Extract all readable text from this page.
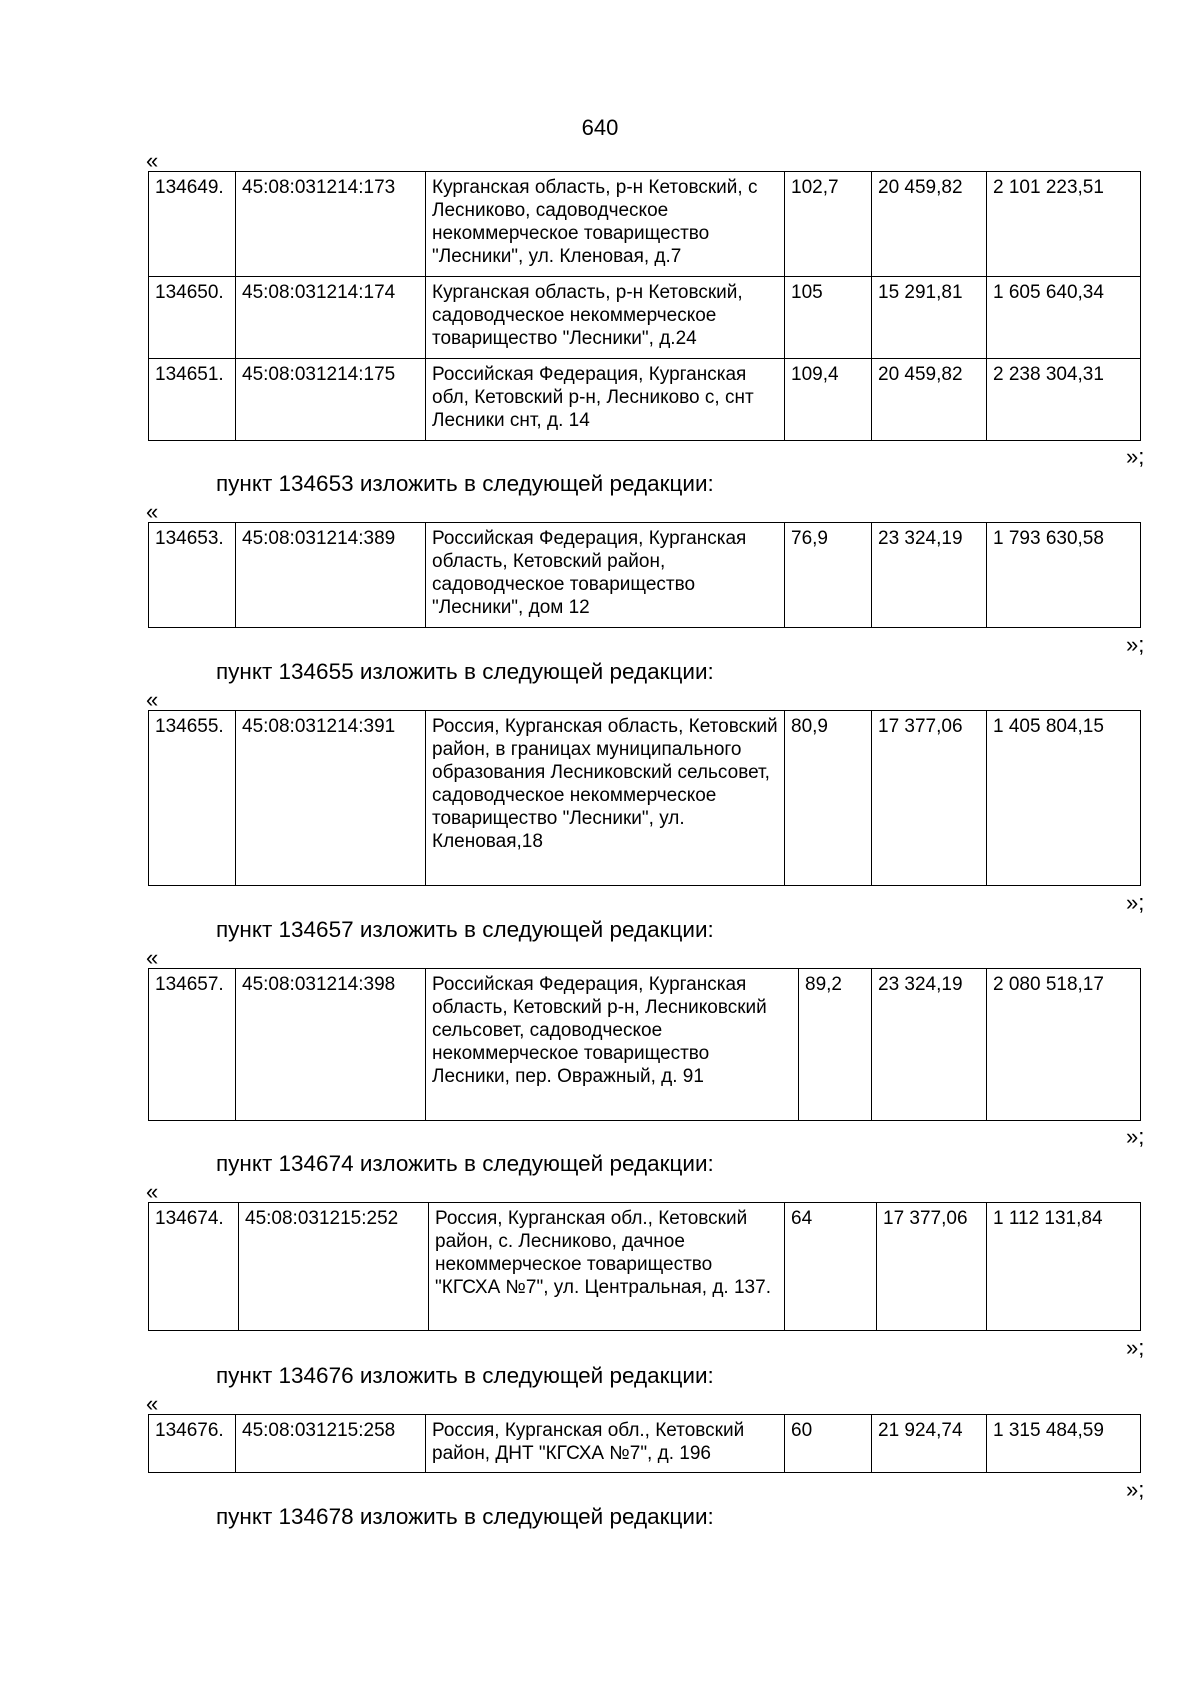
640
«
134649.	45:08:031214:173	Курганская область, р-н Кетовский, с Лесниково, садоводческое некоммерческое товарищество "Лесники", ул. Кленовая, д.7	102,7	20 459,82	2 101 223,51
134650.	45:08:031214:174	Курганская область, р-н Кетовский, садоводческое некоммерческое товарищество "Лесники", д.24	105	15 291,81	1 605 640,34
134651.	45:08:031214:175	Российская Федерация, Курганская обл, Кетовский р-н, Лесниково с, снт Лесники снт, д. 14	109,4	20 459,82	2 238 304,31
»;
пункт 134653 изложить в следующей редакции:
«
134653.	45:08:031214:389	Российская Федерация, Курганская область, Кетовский район, садоводческое товарищество "Лесники", дом 12	76,9	23 324,19	1 793 630,58
»;
пункт 134655 изложить в следующей редакции:
«
134655.	45:08:031214:391	Россия, Курганская область, Кетовский район, в границах муниципального образования Лесниковский сельсовет, садоводческое некоммерческое товарищество "Лесники", ул. Кленовая,18	80,9	17 377,06	1 405 804,15
»;
пункт 134657 изложить в следующей редакции:
«
134657.	45:08:031214:398	Российская Федерация, Курганская область, Кетовский р-н, Лесниковский сельсовет, садоводческое некоммерческое товарищество Лесники, пер. Овражный, д. 91	89,2	23 324,19	2 080 518,17
»;
пункт 134674 изложить в следующей редакции:
«
134674.	45:08:031215:252	Россия, Курганская обл., Кетовский район, с. Лесниково, дачное некоммерческое товарищество "КГСХА №7", ул. Центральная, д. 137.	64	17 377,06	1 112 131,84
»;
пункт 134676 изложить в следующей редакции:
«
134676.	45:08:031215:258	Россия, Курганская обл., Кетовский район, ДНТ "КГСХА №7", д. 196	60	21 924,74	1 315 484,59
»;
пункт 134678 изложить в следующей редакции:
